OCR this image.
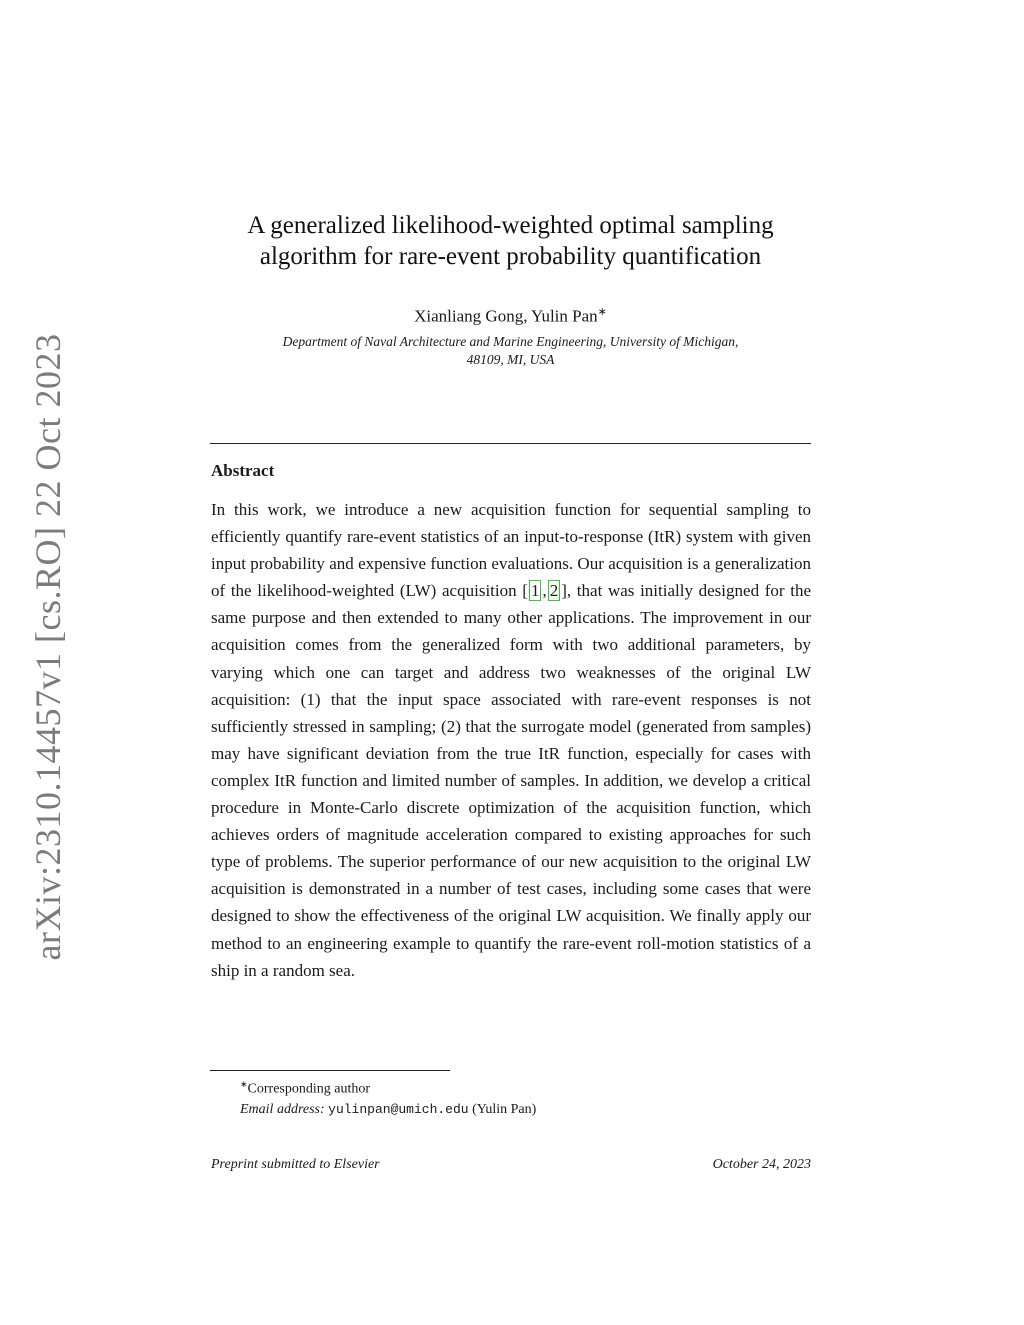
arXiv:2310.14457v1 [cs.RO] 22 Oct 2023
A generalized likelihood-weighted optimal sampling
algorithm for rare-event probability quantification
Xianliang Gong, Yulin Pan∗
Department of Naval Architecture and Marine Engineering, University of Michigan,
48109, MI, USA
Abstract
In this work, we introduce a new acquisition function for sequential sampling to efficiently quantify rare-event statistics of an input-to-response (ItR) system with given input probability and expensive function evaluations. Our acquisition is a generalization of the likelihood-weighted (LW) acquisition [ 1 , 2 ], that was initially designed for the same purpose and then extended to many other applications. The improvement in our acquisition comes from the generalized form with two additional parameters, by varying which one can target and address two weaknesses of the original LW acquisition: (1) that the input space associated with rare-event responses is not sufficiently stressed in sampling; (2) that the surrogate model (generated from samples) may have significant deviation from the true ItR function, especially for cases with complex ItR function and limited number of samples. In addition, we develop a critical procedure in Monte-Carlo discrete optimization of the acquisition function, which achieves orders of magnitude acceleration compared to existing approaches for such type of problems. The superior performance of our new acquisition to the original LW acquisition is demonstrated in a number of test cases, including some cases that were designed to show the effectiveness of the original LW acquisition. We finally apply our method to an engineering example to quantify the rare-event roll-motion statistics of a ship in a random sea.
∗Corresponding author
Email address: yulinpan@umich.edu (Yulin Pan)
Preprint submitted to Elsevier	October 24, 2023
